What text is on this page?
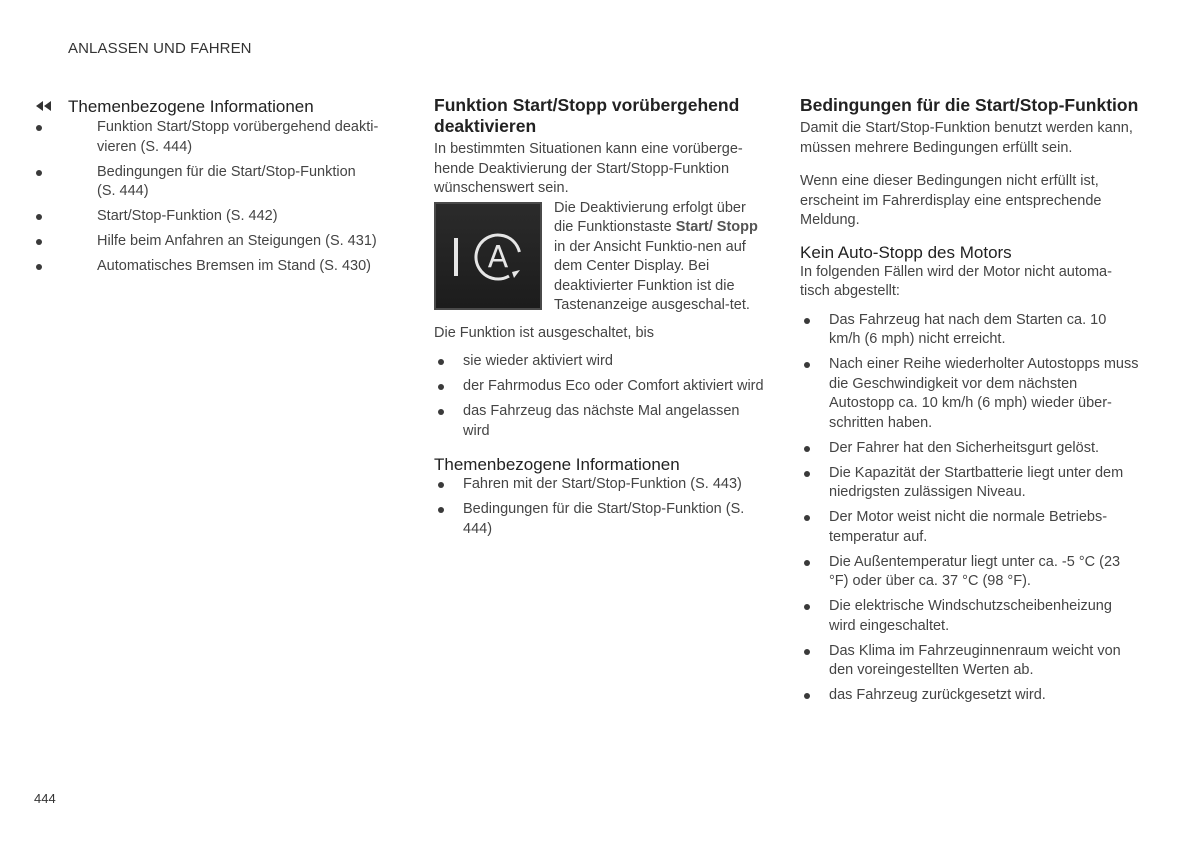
ANLASSEN UND FAHREN
Themenbezogene Informationen
Funktion Start/Stopp vorübergehend deakti-
vieren (S. 444)
Bedingungen für die Start/Stop-Funktion
(S. 444)
Start/Stop-Funktion (S. 442)
Hilfe beim Anfahren an Steigungen (S. 431)
Automatisches Bremsen im Stand (S. 430)
Funktion Start/Stopp vorübergehend deaktivieren

In bestimmten Situationen kann eine vorüberge-hende Deaktivierung der Start/Stopp-Funktion wünschenswert sein.

A

Die Deaktivierung erfolgt über die Funktionstaste Start/ Stopp in der Ansicht Funktio-nen auf dem Center Display. Bei deaktivierter Funktion ist die Tastenanzeige ausgeschal-tet.

Die Funktion ist ausgeschaltet, bis

sie wieder aktiviert wird
der Fahrmodus Eco oder Comfort aktiviert wird
das Fahrzeug das nächste Mal angelassen wird
Themenbezogene Informationen
Fahren mit der Start/Stop-Funktion (S. 443)
Bedingungen für die Start/Stop-Funktion (S. 444)
Bedingungen für die Start/Stop-Funktion

Damit die Start/Stop-Funktion benutzt werden kann, müssen mehrere Bedingungen erfüllt sein.

Wenn eine dieser Bedingungen nicht erfüllt ist, erscheint im Fahrerdisplay eine entsprechende Meldung.

Kein Auto-Stopp des Motors

In folgenden Fällen wird der Motor nicht automa-tisch abgestellt:

Das Fahrzeug hat nach dem Starten ca. 10 km/h (6 mph) nicht erreicht.
Nach einer Reihe wiederholter Autostopps muss die Geschwindigkeit vor dem nächsten Autostopp ca. 10 km/h (6 mph) wieder über-schritten haben.
Der Fahrer hat den Sicherheitsgurt gelöst.
Die Kapazität der Startbatterie liegt unter dem niedrigsten zulässigen Niveau.
Der Motor weist nicht die normale Betriebs-temperatur auf.
Die Außentemperatur liegt unter ca. -5 °C (23 °F) oder über ca. 37 °C (98 °F).
Die elektrische Windschutzscheibenheizung wird eingeschaltet.
Das Klima im Fahrzeuginnenraum weicht von den voreingestellten Werten ab.
das Fahrzeug zurückgesetzt wird.
444
